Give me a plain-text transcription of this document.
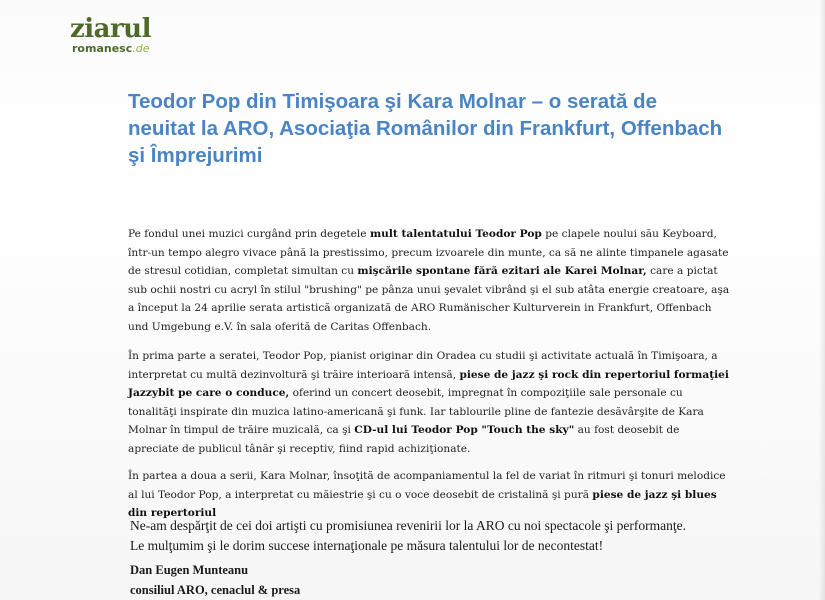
ziarul
romanesc.de
Teodor Pop din Timişoara şi Kara Molnar – o serată de neuitat la ARO, Asociaţia Românilor din Frankfurt, Offenbach şi Împrejurimi

Pe fondul unei muzici curgând prin degetele mult talentatului Teodor Pop pe clapele noului său Keyboard, într-un tempo alegro vivace până la prestissimo, precum izvoarele din munte, ca să ne alinte timpanele agasate de stresul cotidian, completat simultan cu mişcările spontane fără ezitari ale Karei Molnar, care a pictat sub ochii nostri cu acryl în stilul "brushing" pe pânza unui şevalet vibrând şi el sub atâta energie creatoare, aşa a început la 24 aprilie serata artistică organizată de ARO Rumänischer Kulturverein in Frankfurt, Offenbach und Umgebung e.V. în sala oferită de Caritas Offenbach.

În prima parte a seratei, Teodor Pop, pianist originar din Oradea cu studii şi activitate actuală în Timişoara, a interpretat cu multă dezinvoltură şi trăire interioară intensă, piese de jazz şi rock din repertoriul formaţiei Jazzybit pe care o conduce, oferind un concert deosebit, impregnat în compoziţiile sale personale cu tonalităţi inspirate din muzica latino-americană şi funk. Iar tablourile pline de fantezie desăvârşite de Kara Molnar în timpul de trăire muzicală, ca şi CD-ul lui Teodor Pop "Touch the sky" au fost deosebit de apreciate de publicul tânăr şi receptiv, fiind rapid achiziţionate.

În partea a doua a serii, Kara Molnar, însoţită de acompaniamentul la fel de variat în ritmuri şi tonuri melodice al lui Teodor Pop, a interpretat cu măiestrie şi cu o voce deosebit de cristalină şi pură piese de jazz şi blues din repertoriul

Ne-am despărţit de cei doi artişti cu promisiunea revenirii lor la ARO cu noi spectacole şi performanţe.
Le mulţumim şi le dorim succese internaţionale pe măsura talentului lor de necontestat!
Dan Eugen Munteanu
consiliul ARO, cenaclul & presa
